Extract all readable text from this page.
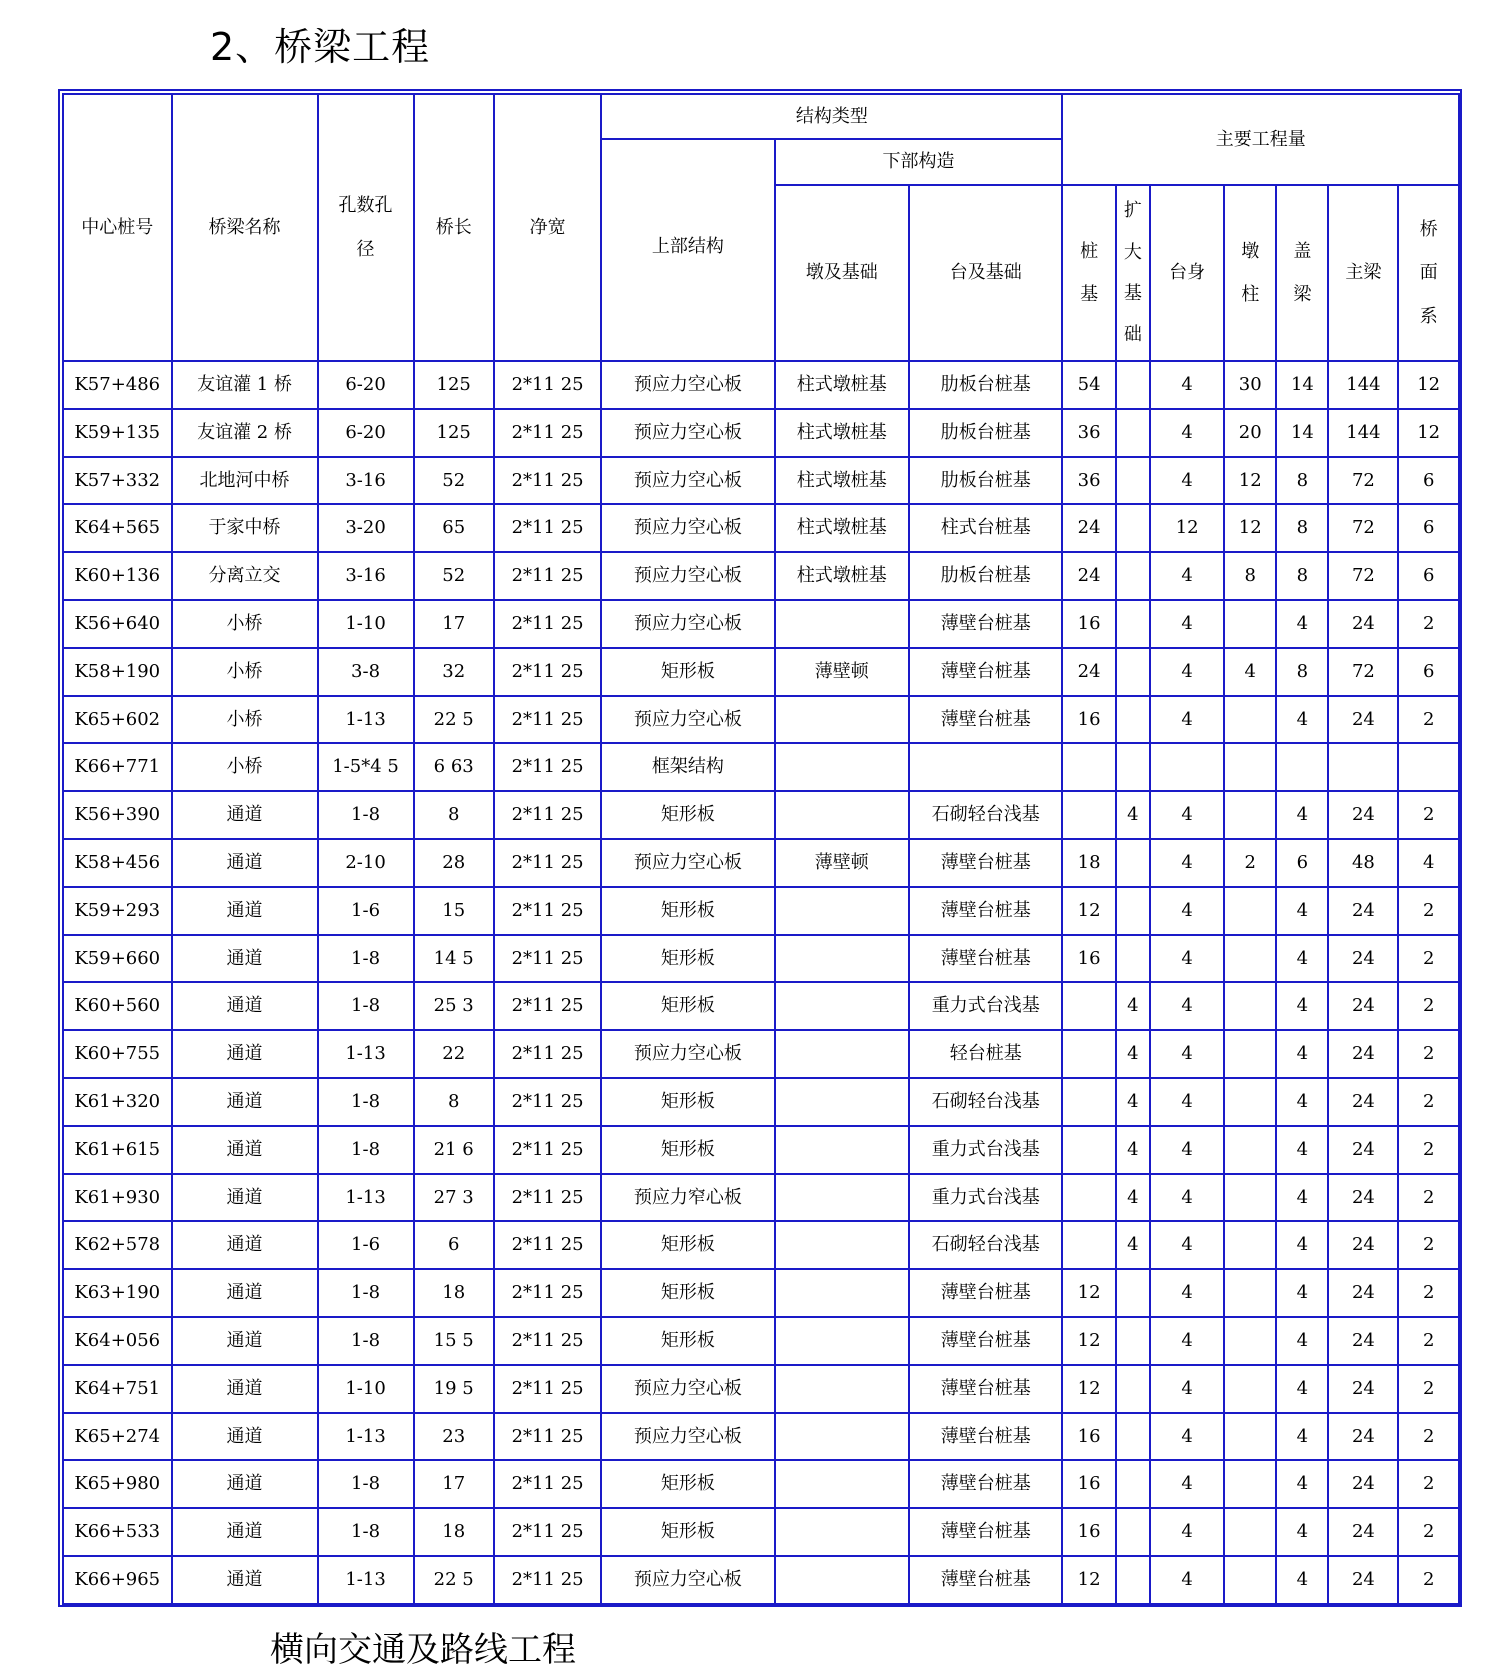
2、桥梁工程
中心桩号	桥梁名称	孔数孔径	桥长	净宽	结构类型			主要工程量						
					上部结构	下部构造								
						墩及基础	台及基础	桩基	扩大基础	台身	墩柱	盖梁	主梁	桥面系

K57+486	友谊灌 1 桥	6-20	125	2*11 25	预应力空心板	柱式墩桩基	肋板台桩基	54		4	30	14	144	12
K59+135	友谊灌 2 桥	6-20	125	2*11 25	预应力空心板	柱式墩桩基	肋板台桩基	36		4	20	14	144	12
K57+332	北地河中桥	3-16	52	2*11 25	预应力空心板	柱式墩桩基	肋板台桩基	36		4	12	8	72	6
K64+565	于家中桥	3-20	65	2*11 25	预应力空心板	柱式墩桩基	柱式台桩基	24		12	12	8	72	6
K60+136	分离立交	3-16	52	2*11 25	预应力空心板	柱式墩桩基	肋板台桩基	24		4	8	8	72	6
K56+640	小桥	1-10	17	2*11 25	预应力空心板		薄壁台桩基	16		4		4	24	2
K58+190	小桥	3-8	32	2*11 25	矩形板	薄壁顿	薄壁台桩基	24		4	4	8	72	6
K65+602	小桥	1-13	22 5	2*11 25	预应力空心板		薄壁台桩基	16		4		4	24	2
K66+771	小桥	1-5*4 5	6 63	2*11 25	框架结构									
K56+390	通道	1-8	8	2*11 25	矩形板		石砌轻台浅基		4	4		4	24	2
K58+456	通道	2-10	28	2*11 25	预应力空心板	薄壁顿	薄壁台桩基	18		4	2	6	48	4
K59+293	通道	1-6	15	2*11 25	矩形板		薄壁台桩基	12		4		4	24	2
K59+660	通道	1-8	14 5	2*11 25	矩形板		薄壁台桩基	16		4		4	24	2
K60+560	通道	1-8	25 3	2*11 25	矩形板		重力式台浅基		4	4		4	24	2
K60+755	通道	1-13	22	2*11 25	预应力空心板		轻台桩基		4	4		4	24	2
K61+320	通道	1-8	8	2*11 25	矩形板		石砌轻台浅基		4	4		4	24	2
K61+615	通道	1-8	21 6	2*11 25	矩形板		重力式台浅基		4	4		4	24	2
K61+930	通道	1-13	27 3	2*11 25	预应力窄心板		重力式台浅基		4	4		4	24	2
K62+578	通道	1-6	6	2*11 25	矩形板		石砌轻台浅基		4	4		4	24	2
K63+190	通道	1-8	18	2*11 25	矩形板		薄壁台桩基	12		4		4	24	2
K64+056	通道	1-8	15 5	2*11 25	矩形板		薄壁台桩基	12		4		4	24	2
K64+751	通道	1-10	19 5	2*11 25	预应力空心板		薄壁台桩基	12		4		4	24	2
K65+274	通道	1-13	23	2*11 25	预应力空心板		薄壁台桩基	16		4		4	24	2
K65+980	通道	1-8	17	2*11 25	矩形板		薄壁台桩基	16		4		4	24	2
K66+533	通道	1-8	18	2*11 25	矩形板		薄壁台桩基	16		4		4	24	2
K66+965	通道	1-13	22 5	2*11 25	预应力空心板		薄壁台桩基	12		4		4	24	2
横向交通及路线工程
